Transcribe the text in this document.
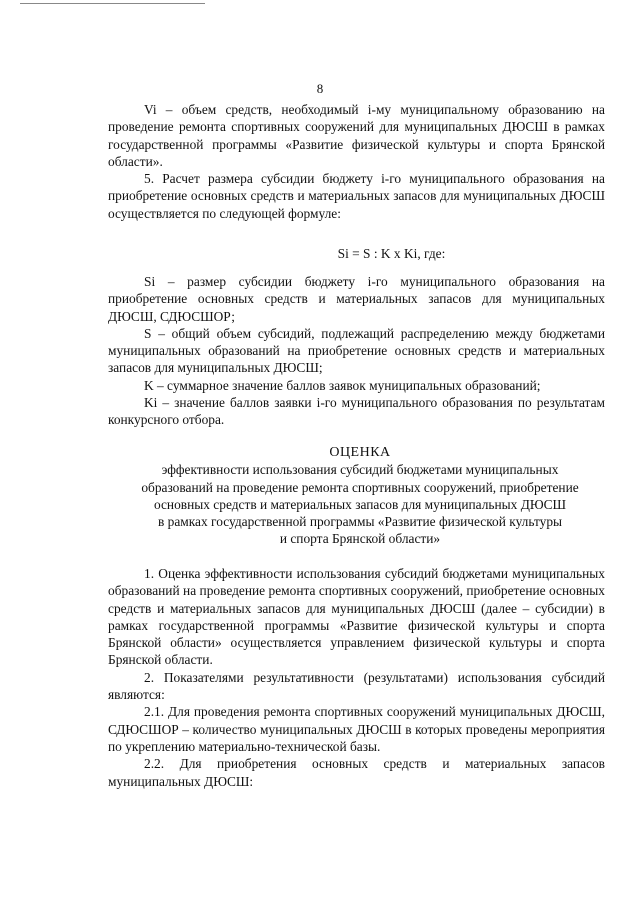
8

Vi – объем средств, необходимый i-му муниципальному образованию на проведение ремонта спортивных сооружений для муниципальных ДЮСШ в рамках государственной программы «Развитие физической культуры и спорта Брянской области».

5. Расчет размера субсидии бюджету i-го муниципального образования на приобретение основных средств и материальных запасов для муниципальных ДЮСШ осуществляется по следующей формуле:

Si = S : K x Ki, где:

Si – размер субсидии бюджету i-го муниципального образования на приобретение основных средств и материальных запасов для муниципальных ДЮСШ, СДЮСШОР;

S – общий объем субсидий, подлежащий распределению между бюджетами муниципальных образований на приобретение основных средств и материальных запасов для муниципальных ДЮСШ;

K – суммарное значение баллов заявок муниципальных образований;

Ki – значение баллов заявки i-го муниципального образования по результатам конкурсного отбора.

ОЦЕНКА
эффективности использования субсидий бюджетами муниципальных
образований на проведение ремонта спортивных сооружений, приобретение
основных средств и материальных запасов для муниципальных ДЮСШ
в рамках государственной программы «Развитие физической культуры
и спорта Брянской области»

1. Оценка эффективности использования субсидий бюджетами муниципальных образований на проведение ремонта спортивных сооружений, приобретение основных средств и материальных запасов для муниципальных ДЮСШ (далее – субсидии) в рамках государственной программы «Развитие физической культуры и спорта Брянской области» осуществляется управлением физической культуры и спорта Брянской области.

2. Показателями результативности (результатами) использования субсидий являются:

2.1. Для проведения ремонта спортивных сооружений муниципальных ДЮСШ, СДЮСШОР – количество муниципальных ДЮСШ в которых проведены мероприятия по укреплению материально-технической базы.

2.2. Для приобретения основных средств и материальных запасов муниципальных ДЮСШ:
